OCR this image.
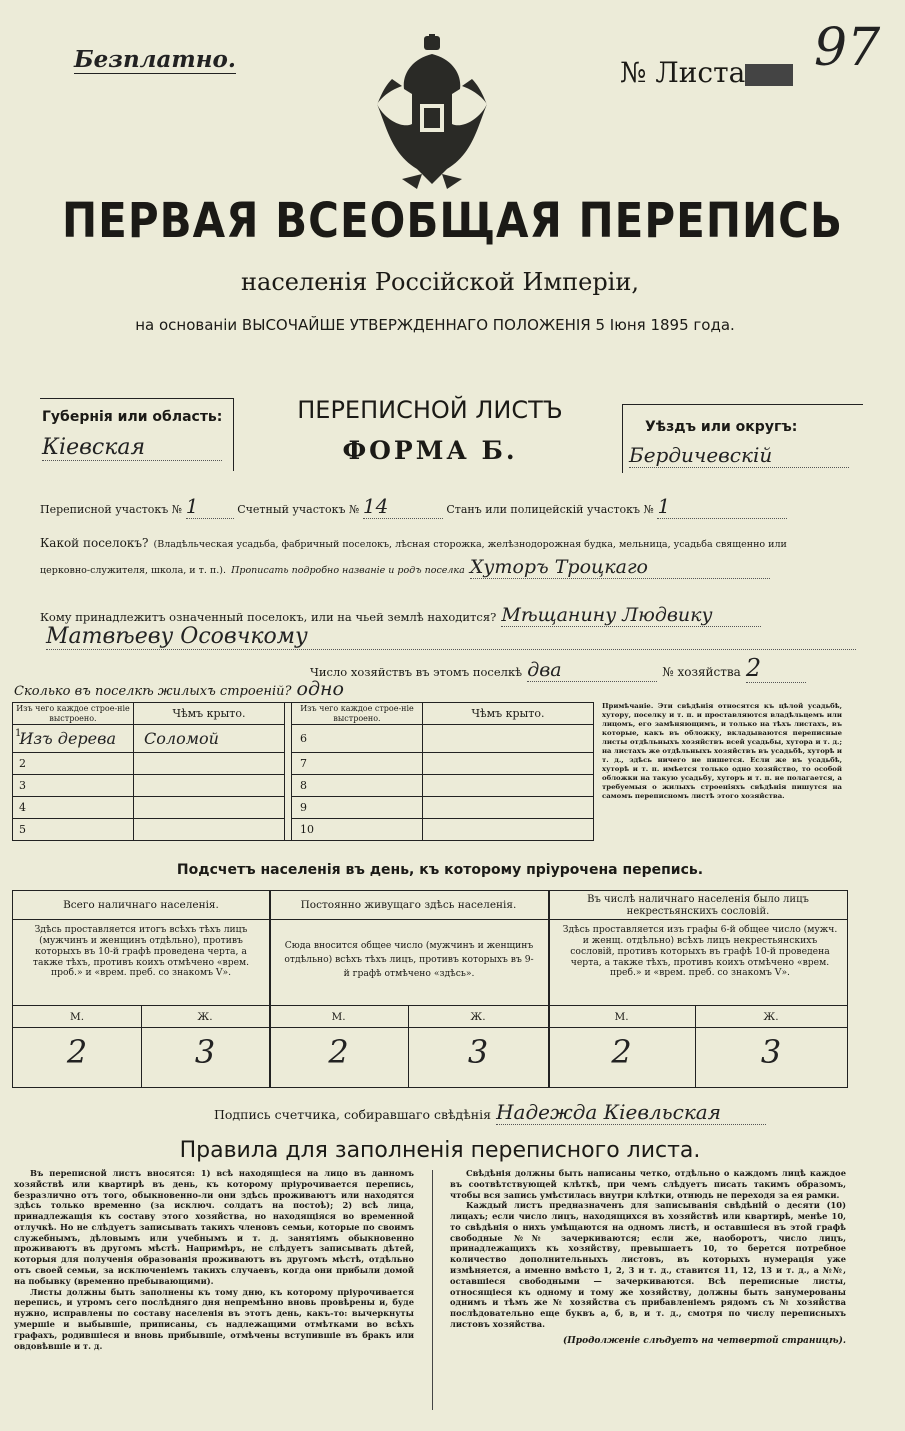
Безплатно.	№ Листа	97
ПЕРВАЯ ВСЕОБЩАЯ ПЕРЕПИСЬ
населенія Россійской Имперіи,
на основаніи ВЫСОЧАЙШЕ УТВЕРЖДЕННАГО ПОЛОЖЕНІЯ 5 Іюня 1895 года.
Губернія или область:
Кіевская
ПЕРЕПИСНОЙ ЛИСТЪ
ФОРМА Б.
Уѣздъ или округъ:
Бердичевскій
Переписной участокъ № 1	Счетный участокъ № 14	Станъ или полицейскій участокъ № 1
Какой поселокъ? (Владѣльческая усадьба, фабричный поселокъ, лѣсная сторожка, желѣзнодорожная будка, мельница, усадьба священно или
церковно-служителя, школа, и т. п.). Прописать подробно названіе и родъ поселка Хуторъ Троцкаго
Кому принадлежитъ означенный поселокъ, или на чьей землѣ находится? Мѣщанину Людвику
Матвѣеву Осовчкому
Число хозяйствъ въ этомъ поселкѣ два	№ хозяйства 2
Сколько въ поселкѣ жилыхъ строеній? одно
Изъ чего каждое строе-ніе выстроено.	Чѣмъ крыто.		Изъ чего каждое строе-ніе выстроено.	Чѣмъ крыто.
1Изъ дерева	Соломой		6	
2			7	
3			8	
4			9	
5			10	
Примѣчаніе. Эти свѣдѣнія относятся къ цѣлой усадьбѣ, хутору, поселку и т. п. и проставляются владѣльцемъ или лицомъ, его замѣняющимъ, и только на тѣхъ листахъ, въ которые, какъ въ обложку, вкладываются переписные листы отдѣльныхъ хозяйствъ всей усадьбы, хутора и т. д.; на листахъ же отдѣльныхъ хозяйствъ въ усадьбѣ, хуторѣ и т. д., здѣсь ничего не пишется. Если же въ усадьбѣ, хуторѣ и т. п. имѣется только одно хозяйство, то особой обложки на такую усадьбу, хуторъ и т. п. не полагается, а требуемыя о жилыхъ строеніяхъ свѣдѣнія пишутся на самомъ переписномъ листѣ этого хозяйства.
Подсчетъ населенія въ день, къ которому пріурочена перепись.
Всего наличнаго населенія.
Здѣсь проставляется итогъ всѣхъ тѣхъ лицъ (мужчинъ и женщинъ отдѣльно), противъ которыхъ въ 10-й графѣ проведена черта, а также тѣхъ, противъ коихъ отмѣчено «врем. проб.» и «врем. преб. со знакомъ V».
Постоянно живущаго здѣсь населенія.
Сюда вносится общее число (мужчинъ и женщинъ отдѣльно) всѣхъ тѣхъ лицъ, противъ которыхъ въ 9-й графѣ отмѣчено «здѣсь».
Въ числѣ наличнаго населенія было лицъ некрестьянскихъ сословій.
Здѣсь проставляется изъ графы 6-й общее число (мужч. и женщ. отдѣльно) всѣхъ лицъ некрестьянскихъ сословій, противъ которыхъ въ графѣ 10-й проведена черта, а также тѣхъ, противъ коихъ отмѣчено «врем. преб.» и «врем. преб. со знакомъ V».
М.	Ж.	М.	Ж.	М.	Ж.
2	3	2	3	2	3
Подпись счетчика, собиравшаго свѣдѣнія Надежда Кіевльская
Правила для заполненія переписного листа.
Въ переписной листъ вносятся: 1) всѣ находящіеся на лицо въ данномъ хозяйствѣ или квартирѣ въ день, къ которому пріурочивается перепись, безразлично отъ того, обыкновенно-ли они здѣсь проживаютъ или находятся здѣсь только временно (за исключ. солдатъ на постоѣ); 2) всѣ лица, принадлежащія къ составу этого хозяйства, но находящіяся во временной отлучкѣ. Но не слѣдуетъ записывать такихъ членовъ семьи, которые по своимъ служебнымъ, дѣловымъ или учебнымъ и т. д. занятіямъ обыкновенно проживаютъ въ другомъ мѣстѣ. Напримѣръ, не слѣдуетъ записывать дѣтей, которыя для полученія образованія проживаютъ въ другомъ мѣстѣ, отдѣльно отъ своей семьи, за исключеніемъ такихъ случаевъ, когда они прибыли домой на побывку (временно пребывающими).
Листы должны быть заполнены къ тому дню, къ которому пріурочивается перепись, и утромъ сего послѣдняго дня непремѣнно вновь провѣрены и, буде нужно, исправлены по составу населенія въ этотъ день, какъ-то: вычеркнуты умершіе и выбывшіе, приписаны, съ надлежащими отмѣтками во всѣхъ графахъ, родившіеся и вновь прибывшіе, отмѣчены вступившіе въ бракъ или овдовѣвшіе и т. д.
Свѣдѣнія должны быть написаны четко, отдѣльно о каждомъ лицѣ каждое въ соотвѣтствующей клѣткѣ, при чемъ слѣдуетъ писать такимъ образомъ, чтобы вся запись умѣстилась внутри клѣтки, отнюдь не переходя за ея рамки.
Каждый листъ предназначенъ для записыванія свѣдѣній о десяти (10) лицахъ; если число лицъ, находящихся въ хозяйствѣ или квартирѣ, менѣе 10, то свѣдѣнія о нихъ умѣщаются на одномъ листѣ, и оставшіеся въ этой графѣ свободные №№ зачеркиваются; если же, наоборотъ, число лицъ, принадлежащихъ къ хозяйству, превышаетъ 10, то берется потребное количество дополнительныхъ листовъ, въ которыхъ нумерація уже измѣняется, а именно вмѣсто 1, 2, 3 и т. д., ставится 11, 12, 13 и т. д., а №№, оставшіеся свободными — зачеркиваются. Всѣ переписные листы, относящіеся къ одному и тому же хозяйству, должны быть занумерованы однимъ и тѣмъ же № хозяйства съ прибавленіемъ рядомъ съ № хозяйства послѣдовательно еще буквъ а, б, в, и т. д., смотря по числу переписныхъ листовъ хозяйства.
(Продолженіе слѣдуетъ на четвертой страницѣ).
